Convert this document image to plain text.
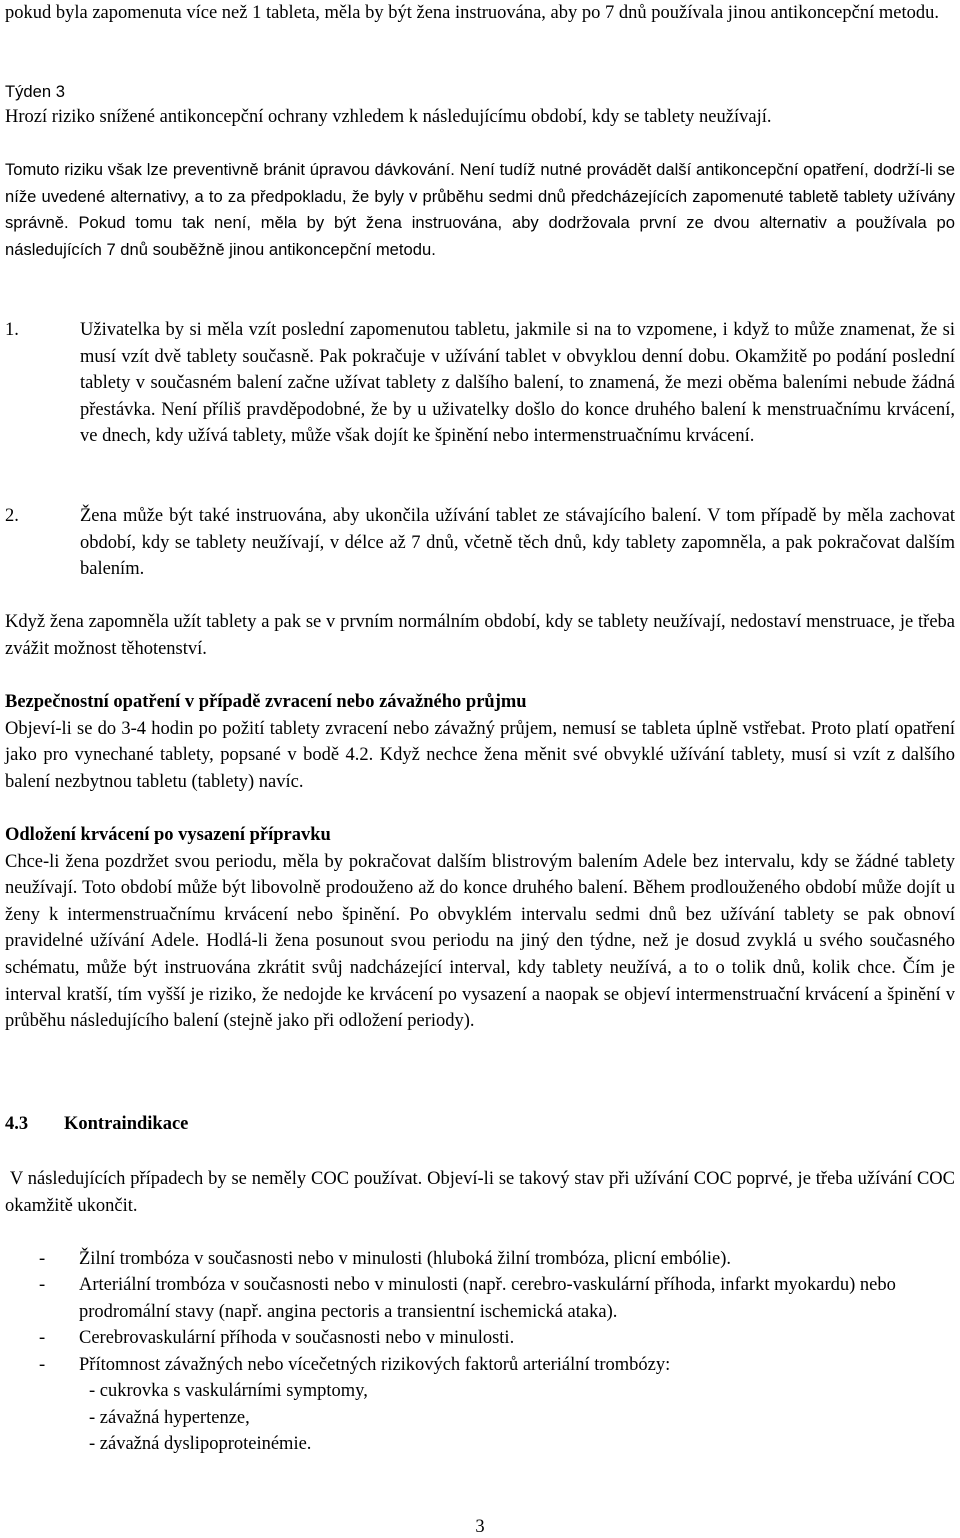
pokud byla zapomenuta více než 1 tableta, měla by být žena instruována, aby po 7 dnů používala jinou antikoncepční metodu.

Týden 3

Hrozí riziko snížené antikoncepční ochrany vzhledem k následujícímu období, kdy se tablety neužívají.

Tomuto riziku však lze preventivně bránit úpravou dávkování. Není tudíž nutné provádět další antikoncepční opatření, dodrží-li se níže uvedené alternativy, a to za předpokladu, že byly v průběhu sedmi dnů předcházejících zapomenuté tabletě tablety užívány správně. Pokud tomu tak není, měla by být žena instruována, aby dodržovala první ze dvou alternativ a používala po následujících 7 dnů souběžně jinou antikoncepční metodu.

1.	Uživatelka by si měla vzít poslední zapomenutou tabletu, jakmile si na to vzpomene, i když to může znamenat, že si musí vzít dvě tablety současně. Pak pokračuje v užívání tablet v obvyklou denní dobu. Okamžitě po podání poslední tablety v současném balení začne užívat tablety z dalšího balení, to znamená, že mezi oběma baleními nebude žádná přestávka. Není příliš pravděpodobné, že by u uživatelky došlo do konce druhého balení k menstruačnímu krvácení, ve dnech, kdy užívá tablety, může však dojít ke špinění nebo intermenstruačnímu krvácení.

2.	Žena může být také instruována, aby ukončila užívání tablet ze stávajícího balení. V tom případě by měla zachovat období, kdy se tablety neužívají, v délce až 7 dnů, včetně těch dnů, kdy tablety zapomněla, a pak pokračovat dalším balením.

Když žena zapomněla užít tablety a pak se v prvním normálním období, kdy se tablety neužívají, nedostaví menstruace, je třeba zvážit možnost těhotenství.

Bezpečnostní opatření v případě zvracení nebo závažného průjmu

Objeví-li se do 3-4 hodin po požití tablety zvracení nebo závažný průjem, nemusí se tableta úplně vstřebat. Proto platí opatření jako pro vynechané tablety, popsané v bodě 4.2. Když nechce žena měnit své obvyklé užívání tablety, musí si vzít z dalšího balení nezbytnou tabletu (tablety) navíc.

Odložení krvácení po vysazení přípravku

Chce-li žena pozdržet svou periodu, měla by pokračovat dalším blistrovým balením Adele bez intervalu, kdy se žádné tablety neužívají. Toto období může být libovolně prodouženo až do konce druhého balení. Během prodlouženého období může dojít u ženy k intermenstruačnímu krvácení nebo špinění. Po obvyklém intervalu sedmi dnů bez užívání tablety se pak obnoví pravidelné užívání Adele. Hodlá-li žena posunout svou periodu na jiný den týdne, než je dosud zvyklá u svého současného schématu, může být instruována zkrátit svůj nadcházející interval, kdy tablety neužívá, a to o tolik dnů, kolik chce. Čím je interval kratší, tím vyšší je riziko, že nedojde ke krvácení po vysazení a naopak se objeví intermenstruační krvácení a špinění v průběhu následujícího balení (stejně jako při odložení periody).

4.3 Kontraindikace

V následujících případech by se neměly COC používat. Objeví-li se takový stav při užívání COC poprvé, je třeba užívání COC okamžitě ukončit.

- Žilní trombóza v současnosti nebo v minulosti (hluboká žilní trombóza, plicní embólie).
- Arteriální trombóza v současnosti nebo v minulosti (např. cerebro-vaskulární příhoda, infarkt myokardu) nebo prodromální stavy (např. angina pectoris a transientní ischemická ataka).
- Cerebrovaskulární příhoda v současnosti nebo v minulosti.
- Přítomnost závažných nebo vícečetných rizikových faktorů arteriální trombózy:
- cukrovka s vaskulárními symptomy,
- závažná hypertenze,
- závažná dyslipoproteinémie.
3
